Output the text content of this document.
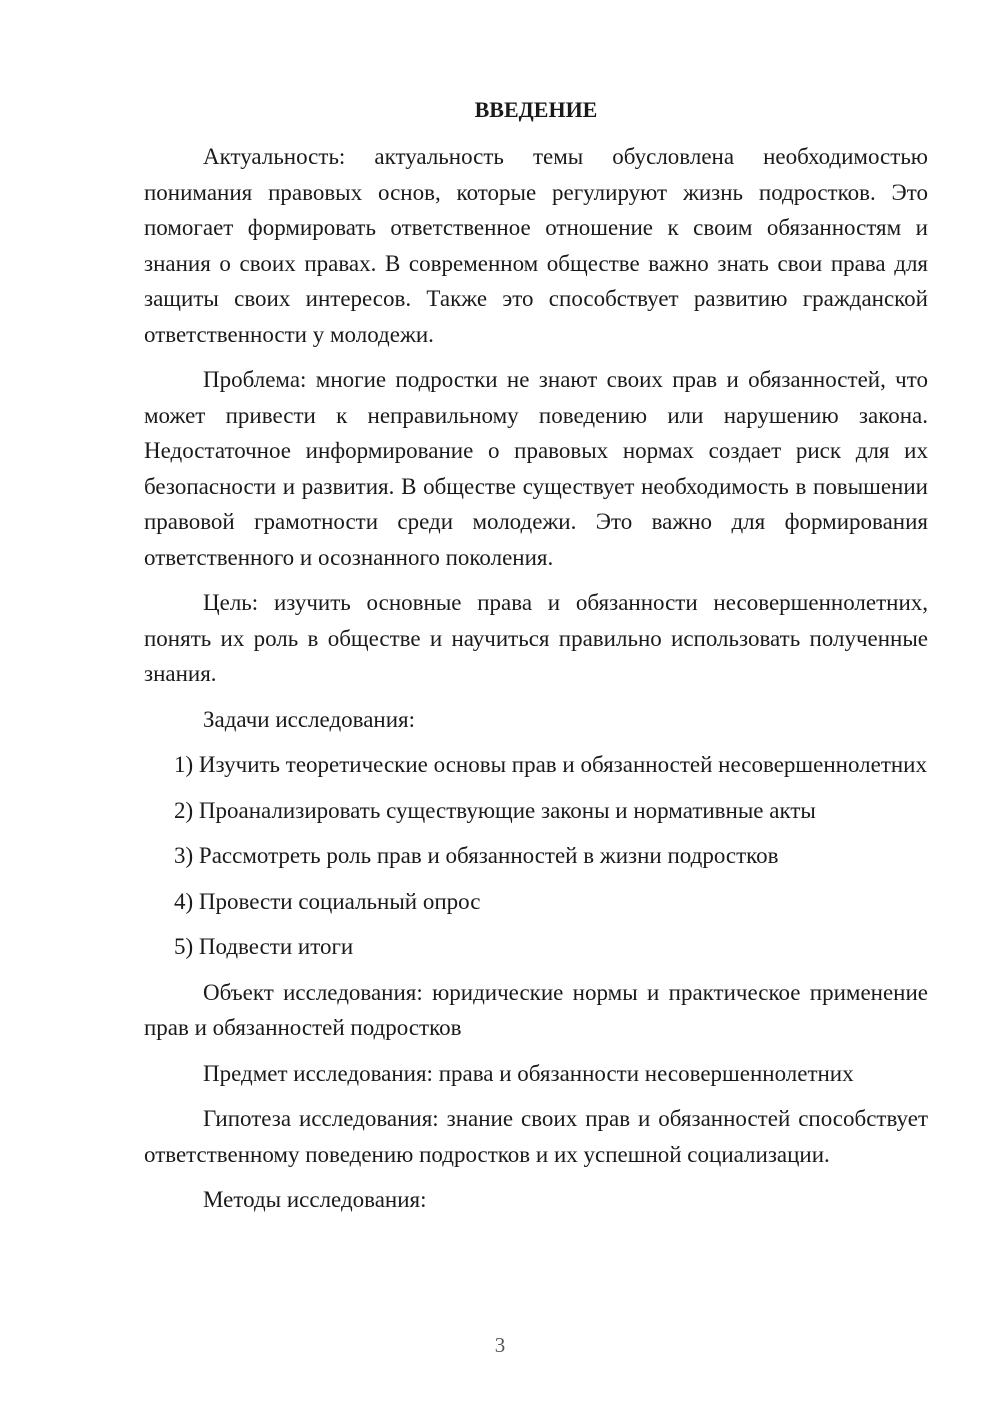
ВВЕДЕНИЕ

Актуальность: актуальность темы обусловлена необходимостью понимания правовых основ, которые регулируют жизнь подростков. Это помогает формировать ответственное отношение к своим обязанностям и знания о своих правах. В современном обществе важно знать свои права для защиты своих интересов. Также это способствует развитию гражданской ответственности у молодежи.

Проблема: многие подростки не знают своих прав и обязанностей, что может привести к неправильному поведению или нарушению закона. Недостаточное информирование о правовых нормах создает риск для их безопасности и развития. В обществе существует необходимость в повышении правовой грамотности среди молодежи. Это важно для формирования ответственного и осознанного поколения.

Цель: изучить основные права и обязанности несовершеннолетних, понять их роль в обществе и научиться правильно использовать полученные знания.

Задачи исследования:

1) Изучить теоретические основы прав и обязанностей несовершеннолетних

2) Проанализировать существующие законы и нормативные акты

3) Рассмотреть роль прав и обязанностей в жизни подростков

4) Провести социальный опрос

5) Подвести итоги

Объект исследования: юридические нормы и практическое применение прав и обязанностей подростков

Предмет исследования: права и обязанности несовершеннолетних

Гипотеза исследования: знание своих прав и обязанностей способствует ответственному поведению подростков и их успешной социализации.

Методы исследования:

3
